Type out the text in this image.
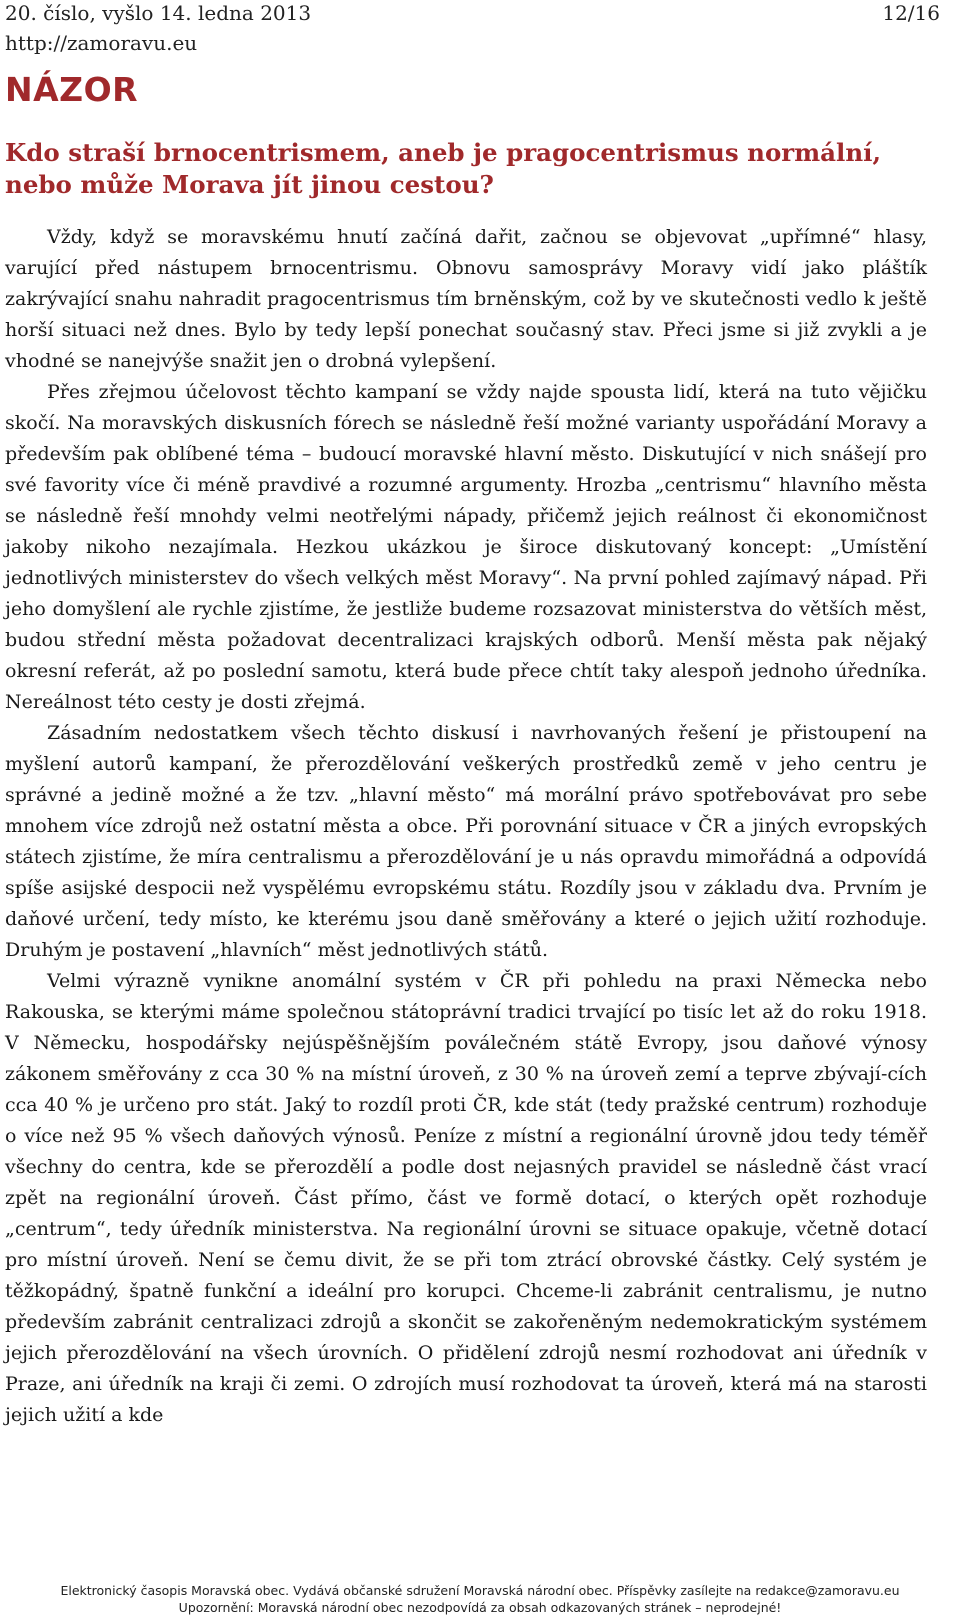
20. číslo, vyšlo 14. ledna 2013	12/16
http://zamoravu.eu
NÁZOR
Kdo straší brnocentrismem, aneb je pragocentrismus normální, nebo může Morava jít jinou cestou?

Vždy, když se moravskému hnutí začíná dařit, začnou se objevovat „upřímné“ hlasy, varující před nástupem brnocentrismu. Obnovu samosprávy Moravy vidí jako pláštík zakrývající snahu nahradit pragocentrismus tím brněnským, což by ve skutečnosti vedlo k ještě horší situaci než dnes. Bylo by tedy lepší ponechat současný stav. Přeci jsme si již zvykli a je vhodné se nanejvýše snažit jen o drobná vylepšení.

Přes zřejmou účelovost těchto kampaní se vždy najde spousta lidí, která na tuto vějičku skočí. Na moravských diskusních fórech se následně řeší možné varianty uspořádání Moravy a především pak oblíbené téma – budoucí moravské hlavní město. Diskutující v nich snášejí pro své favority více či méně pravdivé a rozumné argumenty. Hrozba „centrismu“ hlavního města se následně řeší mnohdy velmi neotřelými nápady, přičemž jejich reálnost či ekonomičnost jakoby nikoho nezajímala. Hezkou ukázkou je široce diskutovaný koncept: „Umístění jednotlivých ministerstev do všech velkých měst Moravy“. Na první pohled zajímavý nápad. Při jeho domyšlení ale rychle zjistíme, že jestliže budeme rozsazovat ministerstva do větších měst, budou střední města požadovat decentralizaci krajských odborů. Menší města pak nějaký okresní referát, až po poslední samotu, která bude přece chtít taky alespoň jednoho úředníka. Nereálnost této cesty je dosti zřejmá.

Zásadním nedostatkem všech těchto diskusí i navrhovaných řešení je přistoupení na myšlení autorů kampaní, že přerozdělování veškerých prostředků země v jeho centru je správné a jedině možné a že tzv. „hlavní město“ má morální právo spotřebovávat pro sebe mnohem více zdrojů než ostatní města a obce. Při porovnání situace v ČR a jiných evropských státech zjistíme, že míra centralismu a přerozdělování je u nás opravdu mimořádná a odpovídá spíše asijské despocii než vyspělému evropskému státu. Rozdíly jsou v základu dva. Prvním je daňové určení, tedy místo, ke kterému jsou daně směřovány a které o jejich užití rozhoduje. Druhým je postavení „hlavních“ měst jednotlivých států.

Velmi výrazně vynikne anomální systém v ČR při pohledu na praxi Německa nebo Rakouska, se kterými máme společnou státoprávní tradici trvající po tisíc let až do roku 1918. V Německu, hospodářsky nejúspěšnějším poválečném státě Evropy, jsou daňové výnosy zákonem směřovány z cca 30 % na místní úroveň, z 30 % na úroveň zemí a teprve zbývají-cích cca 40 % je určeno pro stát. Jaký to rozdíl proti ČR, kde stát (tedy pražské centrum) rozhoduje o více než 95 % všech daňových výnosů. Peníze z místní a regionální úrovně jdou tedy téměř všechny do centra, kde se přerozdělí a podle dost nejasných pravidel se následně část vrací zpět na regionální úroveň. Část přímo, část ve formě dotací, o kterých opět rozhoduje „centrum“, tedy úředník ministerstva. Na regionální úrovni se situace opakuje, včetně dotací pro místní úroveň. Není se čemu divit, že se při tom ztrácí obrovské částky. Celý systém je těžkopádný, špatně funkční a ideální pro korupci. Chceme-li zabránit centralismu, je nutno především zabránit centralizaci zdrojů a skončit se zakořeněným nedemokratickým systémem jejich přerozdělování na všech úrovních. O přidělení zdrojů nesmí rozhodovat ani úředník v Praze, ani úředník na kraji či zemi. O zdrojích musí rozhodovat ta úroveň, která má na starosti jejich užití a kde

Elektronický časopis Moravská obec. Vydává občanské sdružení Moravská národní obec. Příspěvky zasílejte na redakce@zamoravu.eu
Upozornění: Moravská národní obec nezodpovídá za obsah odkazovaných stránek – neprodejné!
